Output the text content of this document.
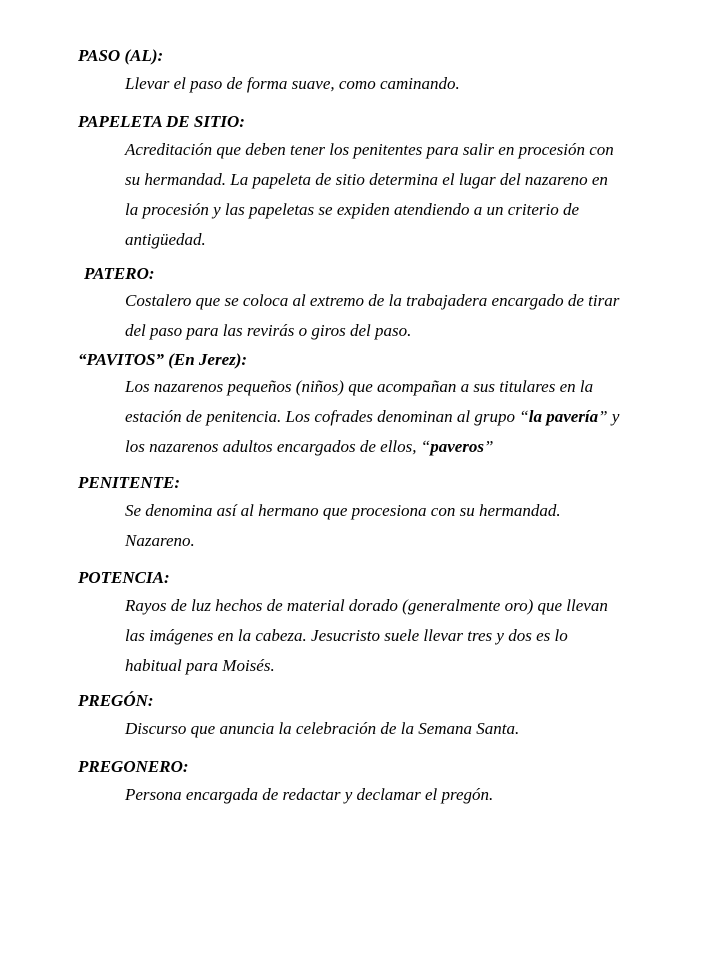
PASO (AL):
Llevar el paso de forma suave, como caminando.
PAPELETA DE SITIO:
Acreditación que deben tener los penitentes para salir en procesión con
su hermandad. La papeleta de sitio determina el lugar del nazareno en
la procesión y las papeletas se expiden atendiendo a un criterio de
antigüedad.
PATERO:
Costalero que se coloca al extremo de la trabajadera encargado de tirar
del paso para las revirás o giros del paso.
“PAVITOS” (En Jerez):
Los nazarenos pequeños (niños) que acompañan a sus titulares en la
estación de penitencia. Los cofrades denominan al grupo “la pavería” y
los nazarenos adultos encargados de ellos, “paveros”
PENITENTE:
Se denomina así al hermano que procesiona con su hermandad.
Nazareno.
POTENCIA:
Rayos de luz hechos de material dorado (generalmente oro) que llevan
las imágenes en la cabeza. Jesucristo suele llevar tres y dos es lo
habitual para Moisés.
PREGÓN:
Discurso que anuncia la celebración de la Semana Santa.
PREGONERO:
Persona encargada de redactar y declamar el pregón.
